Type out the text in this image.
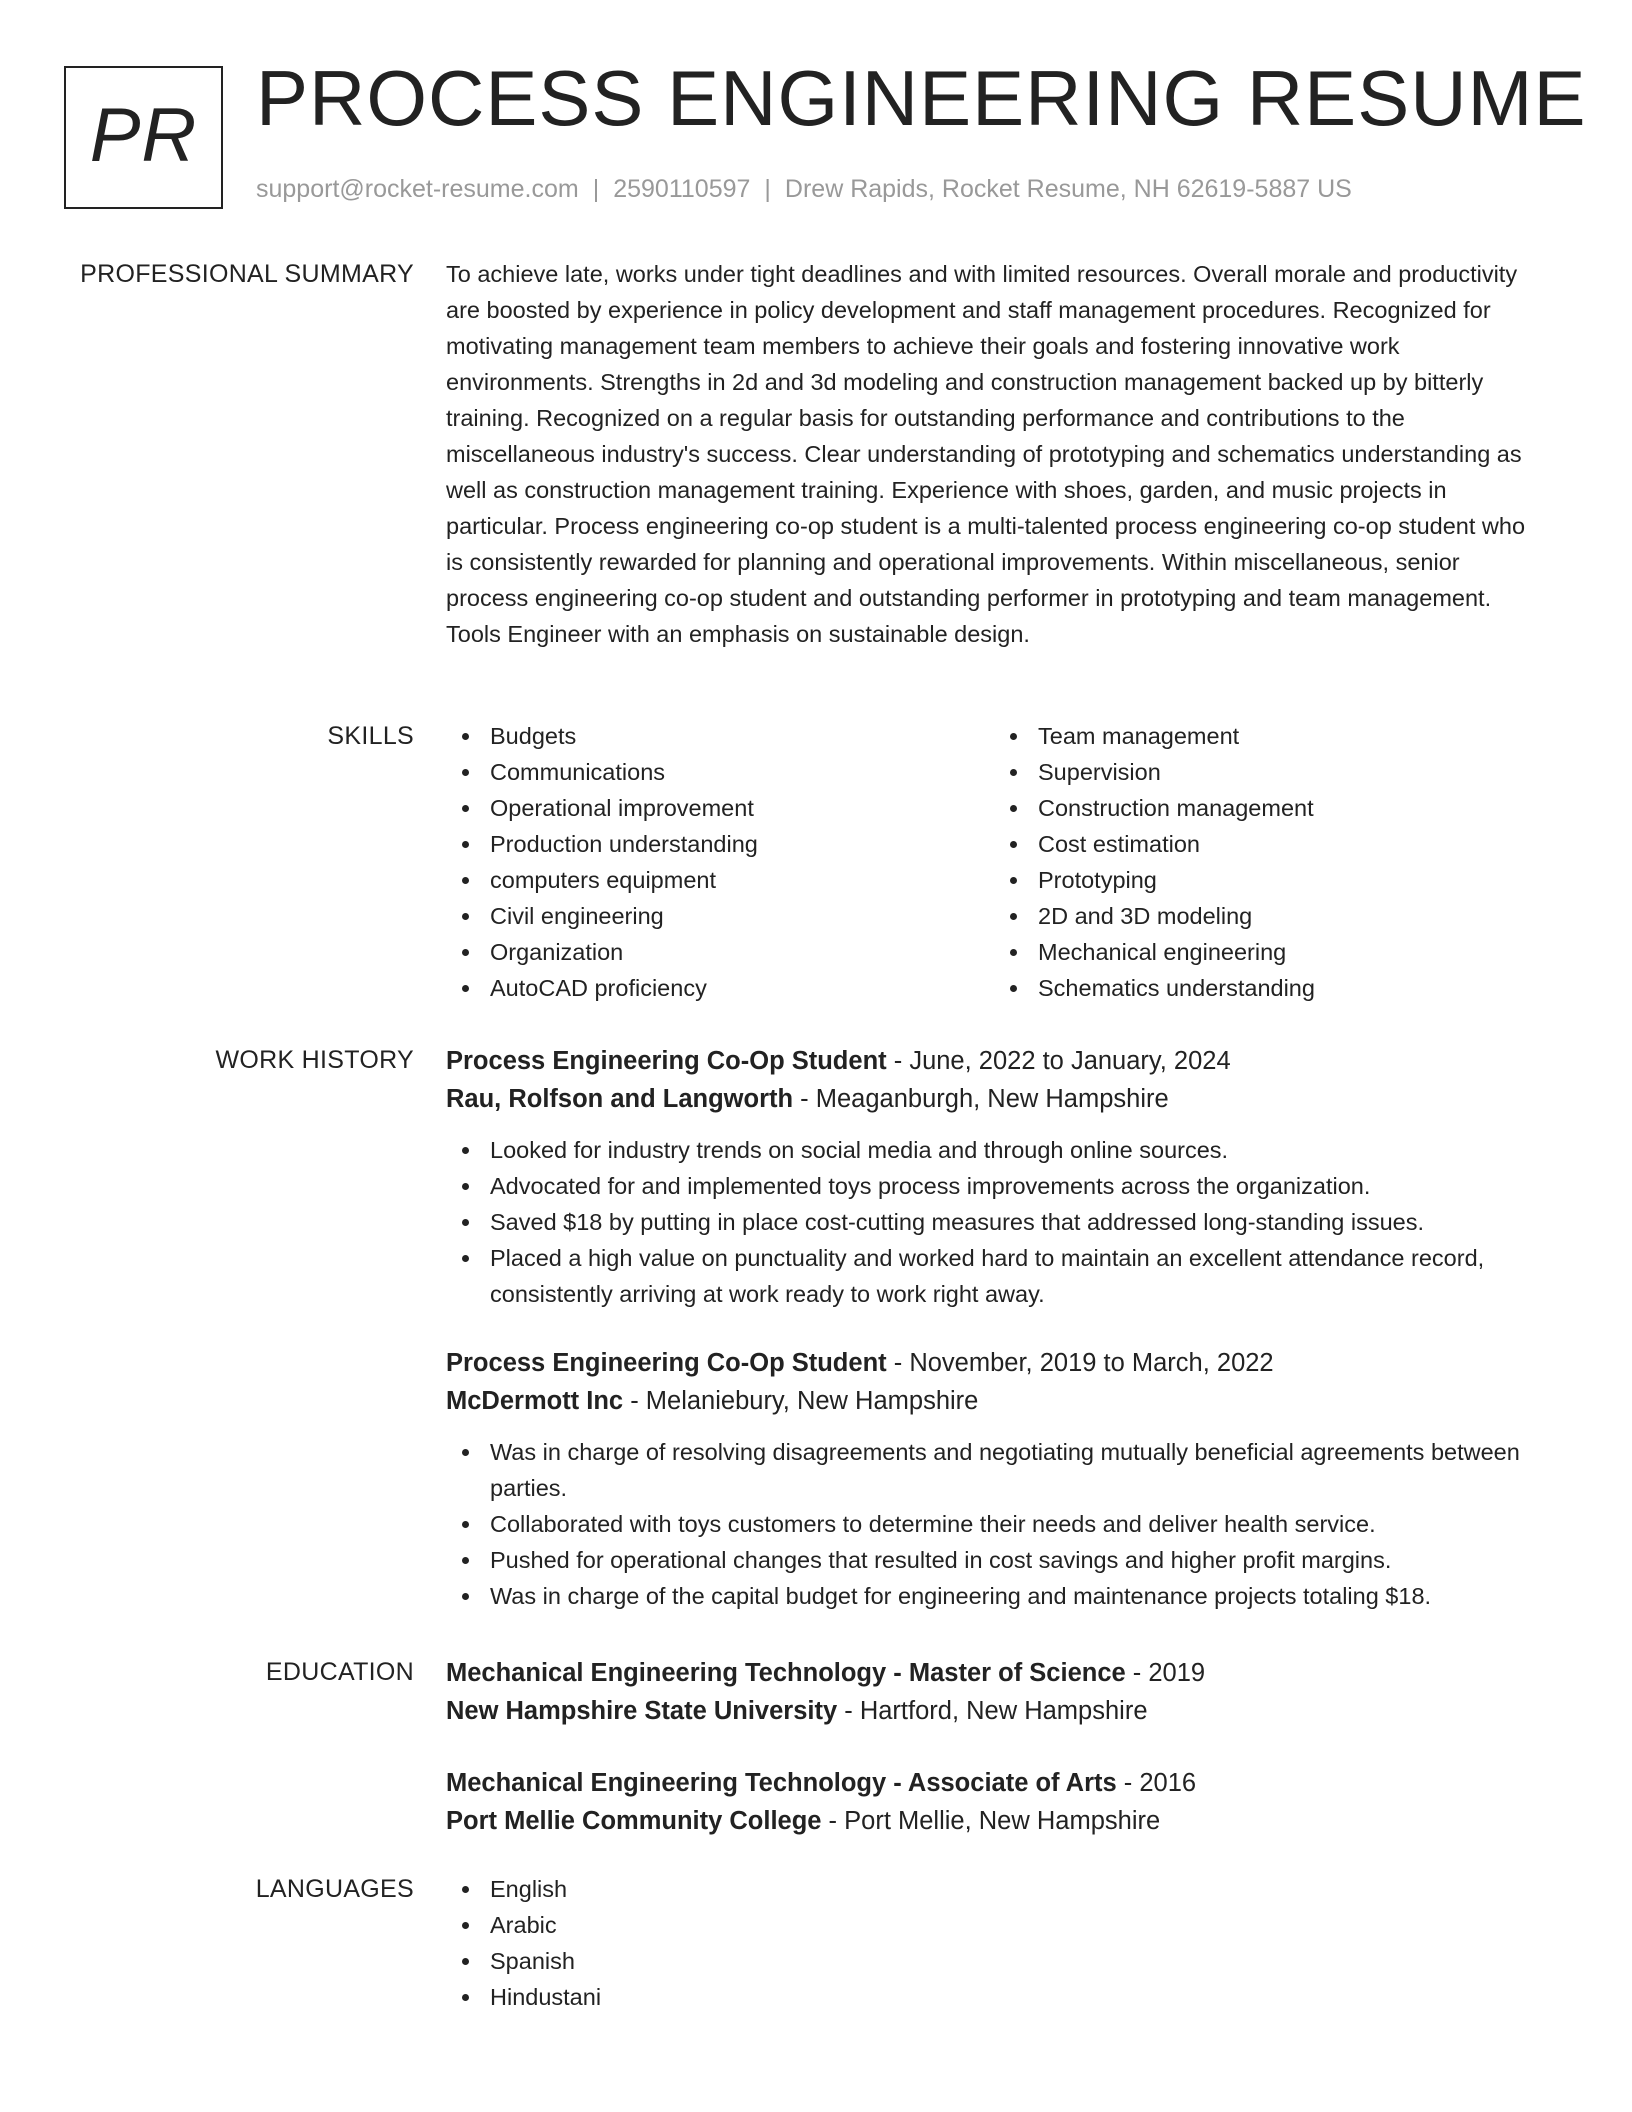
PR PROCESS ENGINEERING RESUME
support@rocket-resume.com | 2590110597 | Drew Rapids, Rocket Resume, NH 62619-5887 US
PROFESSIONAL SUMMARY To achieve late, works under tight deadlines and with limited resources. Overall morale and productivity are boosted by experience in policy development and staff management procedures. Recognized for motivating management team members to achieve their goals and fostering innovative work environments. Strengths in 2d and 3d modeling and construction management backed up by bitterly training. Recognized on a regular basis for outstanding performance and contributions to the miscellaneous industry's success. Clear understanding of prototyping and schematics understanding as well as construction management training. Experience with shoes, garden, and music projects in particular. Process engineering co-op student is a multi-talented process engineering co-op student who is consistently rewarded for planning and operational improvements. Within miscellaneous, senior process engineering co-op student and outstanding performer in prototyping and team management. Tools Engineer with an emphasis on sustainable design.
SKILLS	Budgets
Communications
Operational improvement
Production understanding
computers equipment
Civil engineering
Organization
AutoCAD proficiency
Team management
Supervision
Construction management
Cost estimation
Prototyping
2D and 3D modeling
Mechanical engineering
Schematics understanding
WORK HISTORY Process Engineering Co-Op Student - June, 2022 to January, 2024
Rau, Rolfson and Langworth - Meaganburgh, New Hampshire
Looked for industry trends on social media and through online sources.
Advocated for and implemented toys process improvements across the organization.
Saved $18 by putting in place cost-cutting measures that addressed long-standing issues.
Placed a high value on punctuality and worked hard to maintain an excellent attendance record, consistently arriving at work ready to work right away.
Process Engineering Co-Op Student - November, 2019 to March, 2022
McDermott Inc - Melaniebury, New Hampshire
Was in charge of resolving disagreements and negotiating mutually beneficial agreements between parties.
Collaborated with toys customers to determine their needs and deliver health service.
Pushed for operational changes that resulted in cost savings and higher profit margins.
Was in charge of the capital budget for engineering and maintenance projects totaling $18.
EDUCATION Mechanical Engineering Technology - Master of Science - 2019
New Hampshire State University - Hartford, New Hampshire
Mechanical Engineering Technology - Associate of Arts - 2016
Port Mellie Community College - Port Mellie, New Hampshire
LANGUAGES	English
Arabic
Spanish
Hindustani
